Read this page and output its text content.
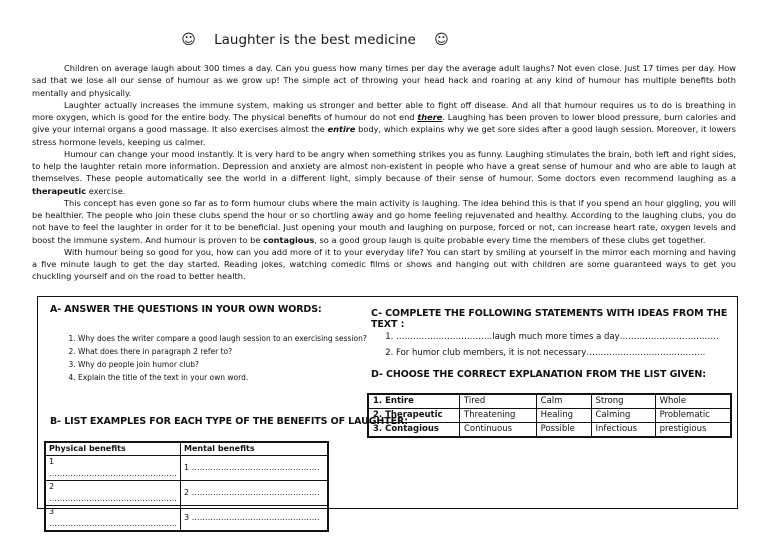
☺ Laughter is the best medicine ☺

Children on average laugh about 300 times a day. Can you guess how many times per day the average adult laughs? Not even close. Just 17 times per day. How sad that we lose all our sense of humour as we grow up! The simple act of throwing your head hack and roaring at any kind of humour has multiple benefits both mentally and physically.

Laughter actually increases the immune system, making us stronger and better able to fight off disease. And all that humour requires us to do is breathing in more oxygen, which is good for the entire body. The physical benefits of humour do not end there. Laughing has been proven to lower blood pressure, burn calories and give your internal organs a good massage. It also exercises almost the entire body, which explains why we get sore sides after a good laugh session. Moreover, it lowers stress hormone levels, keeping us calmer.

Humour can change your mood instantly. It is very hard to be angry when something strikes you as funny. Laughing stimulates the brain, both left and right sides, to help the laughter retain more information. Depression and anxiety are almost non-existent in people who have a great sense of humour and who are able to laugh at themselves. These people automatically see the world in a different light, simply because of their sense of humour. Some doctors even recommend laughing as a therapeutic exercise.

This concept has even gone so far as to form humour clubs where the main activity is laughing. The idea behind this is that if you spend an hour giggling, you will be healthier. The people who join these clubs spend the hour or so chortling away and go home feeling rejuvenated and healthy. According to the laughing clubs, you do not have to feel the laughter in order for it to be beneficial. Just opening your mouth and laughing on purpose, forced or not, can increase heart rate, oxygen levels and boost the immune system. And humour is proven to be contagious, so a good group laugh is quite probable every time the members of these clubs get together.

With humour being so good for you, how can you add more of it to your everyday life? You can start by smiling at yourself in the mirror each morning and having a five minute laugh to get the day started. Reading jokes, watching comedic films or shows and hanging out with children are some guaranteed ways to get you chuckling yourself and on the road to better health.

A- ANSWER THE QUESTIONS IN YOUR OWN WORDS:
1. Why does the writer compare a good laugh session to an exercising session?
2. What does there in paragraph 2 refer to?
3. Why do people join humor club?
4. Explain the title of the text in your own word.
B- LIST EXAMPLES FOR EACH TYPE OF THE BENEFITS OF LAUGHTER:
Physical benefits	Mental benefits
1 …………………………………………	1 …………………………………………
2 …………………………………………	2 …………………………………………
3 …………………………………………	3 …………………………………………
C- COMPLETE THE FOLLOWING STATEMENTS WITH IDEAS FROM THE TEXT :
1. …………………………….laugh much more times a day……………………………..
2. For humor club members, it is not necessary……………………………………
D- CHOOSE THE CORRECT EXPLANATION FROM THE LIST GIVEN:
1. Entire	Tired	Calm	Strong	Whole
2. Therapeutic	Threatening	Healing	Calming	Problematic
3. Contagious	Continuous	Possible	Infectious	prestigious
